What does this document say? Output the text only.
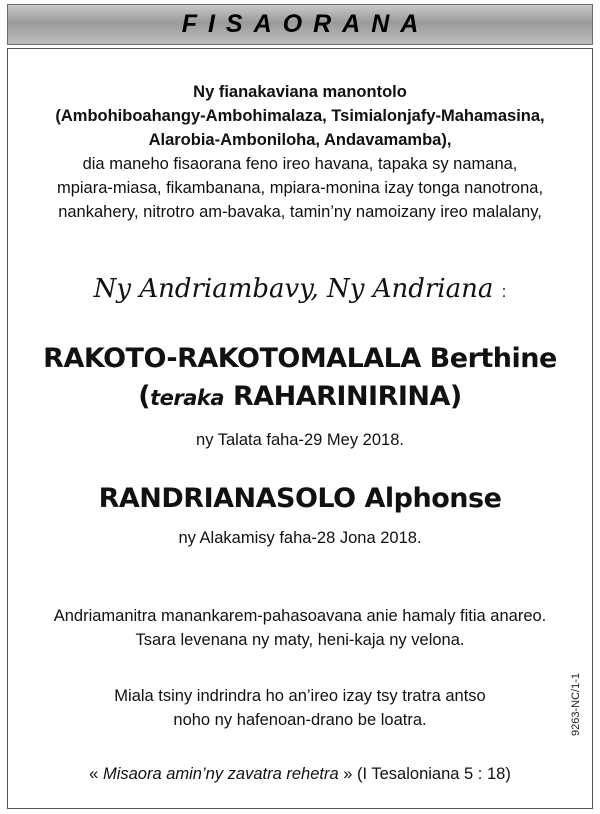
FISAORANA
Ny fianakaviana manontolo
(Ambohiboahangy-Ambohimalaza, Tsimialonjafy-Mahamasina,
Alarobia-Amboniloha, Andavamamba),
dia maneho fisaorana feno ireo havana, tapaka sy namana,
mpiara-miasa, fikambanana, mpiara-monina izay tonga nanotrona,
nankahery, nitrotro am-bavaka, tamin’ny namoizany ireo malalany,
Ny Andriambavy, Ny Andriana :
RAKOTO-RAKOTOMALALA Berthine
(teraka RAHARINIRINA)
ny Talata faha-29 Mey 2018.
RANDRIANASOLO Alphonse
ny Alakamisy faha-28 Jona 2018.
Andriamanitra manankarem-pahasoavana anie hamaly fitia anareo.
Tsara levenana ny maty, heni-kaja ny velona.
Miala tsiny indrindra ho an’ireo izay tsy tratra antso
noho ny hafenoan-drano be loatra.
« Misaora amin’ny zavatra rehetra » (I Tesaloniana 5 : 18)
9263-NC/1-1
